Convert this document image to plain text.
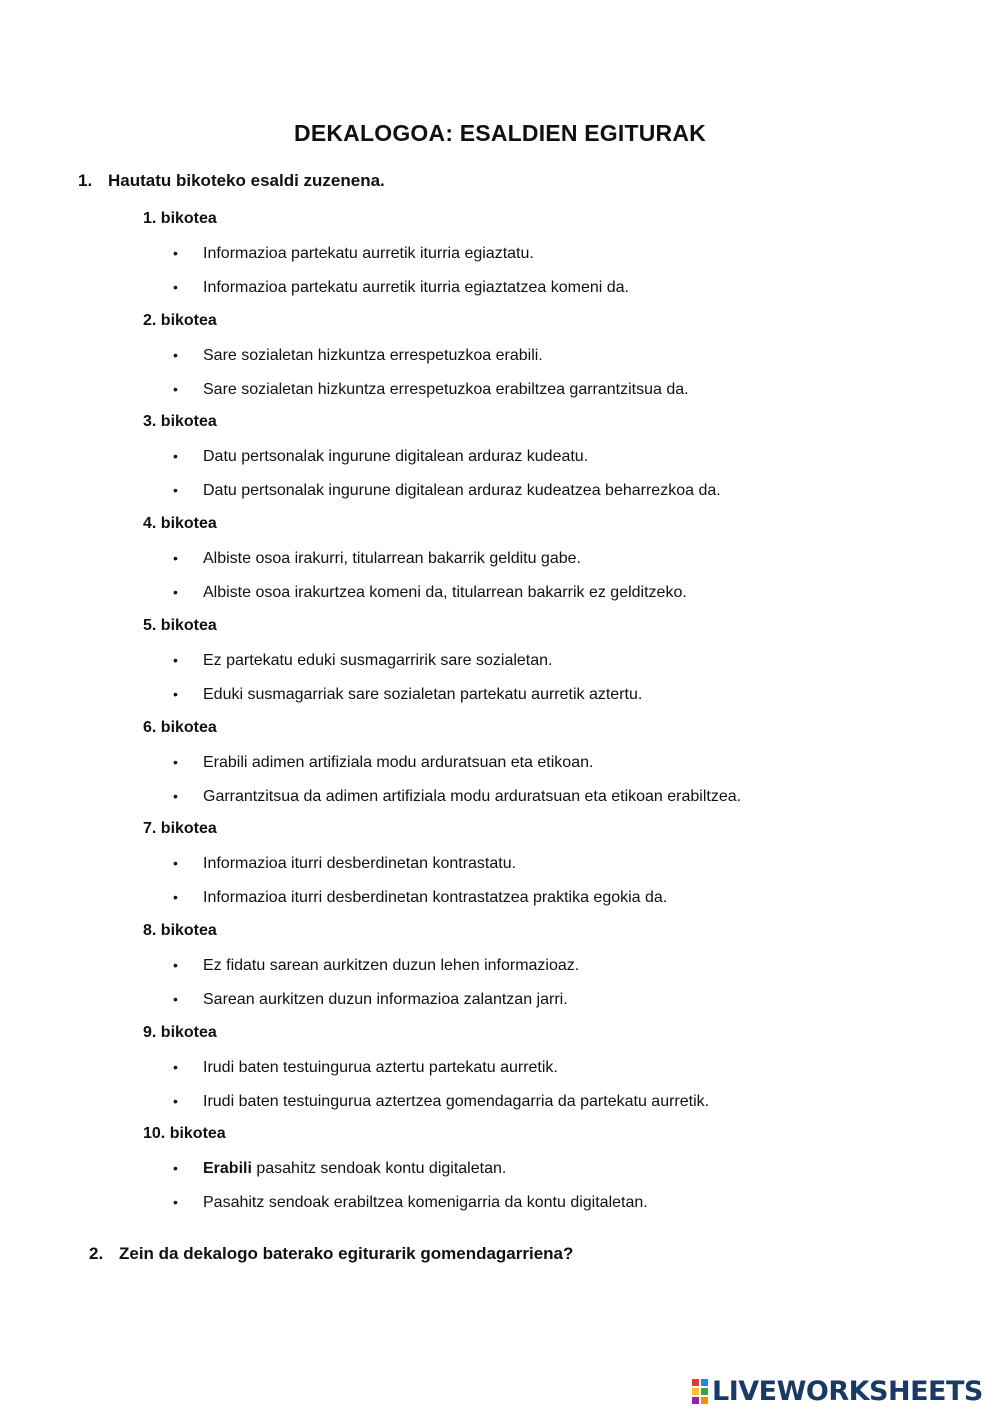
DEKALOGOA: ESALDIEN EGITURAK
1. Hautatu bikoteko esaldi zuzenena.
1. bikotea
• Informazioa partekatu aurretik iturria egiaztatu.
• Informazioa partekatu aurretik iturria egiaztatzea komeni da.
2. bikotea
• Sare sozialetan hizkuntza errespetuzkoa erabili.
• Sare sozialetan hizkuntza errespetuzkoa erabiltzea garrantzitsua da.
3. bikotea
• Datu pertsonalak ingurune digitalean arduraz kudeatu.
• Datu pertsonalak ingurune digitalean arduraz kudeatzea beharrezkoa da.
4. bikotea
• Albiste osoa irakurri, titularrean bakarrik gelditu gabe.
• Albiste osoa irakurtzea komeni da, titularrean bakarrik ez gelditzeko.
5. bikotea
• Ez partekatu eduki susmagarririk sare sozialetan.
• Eduki susmagarriak sare sozialetan partekatu aurretik aztertu.
6. bikotea
• Erabili adimen artifiziala modu arduratsuan eta etikoan.
• Garrantzitsua da adimen artifiziala modu arduratsuan eta etikoan erabiltzea.
7. bikotea
• Informazioa iturri desberdinetan kontrastatu.
• Informazioa iturri desberdinetan kontrastatzea praktika egokia da.
8. bikotea
• Ez fidatu sarean aurkitzen duzun lehen informazioaz.
• Sarean aurkitzen duzun informazioa zalantzan jarri.
9. bikotea
• Irudi baten testuingurua aztertu partekatu aurretik.
• Irudi baten testuingurua aztertzea gomendagarria da partekatu aurretik.
10. bikotea
• Erabili pasahitz sendoak kontu digitaletan.
• Pasahitz sendoak erabiltzea komenigarria da kontu digitaletan.
2. Zein da dekalogo baterako egiturarik gomendagarriena?
LIVEWORKSHEETS
